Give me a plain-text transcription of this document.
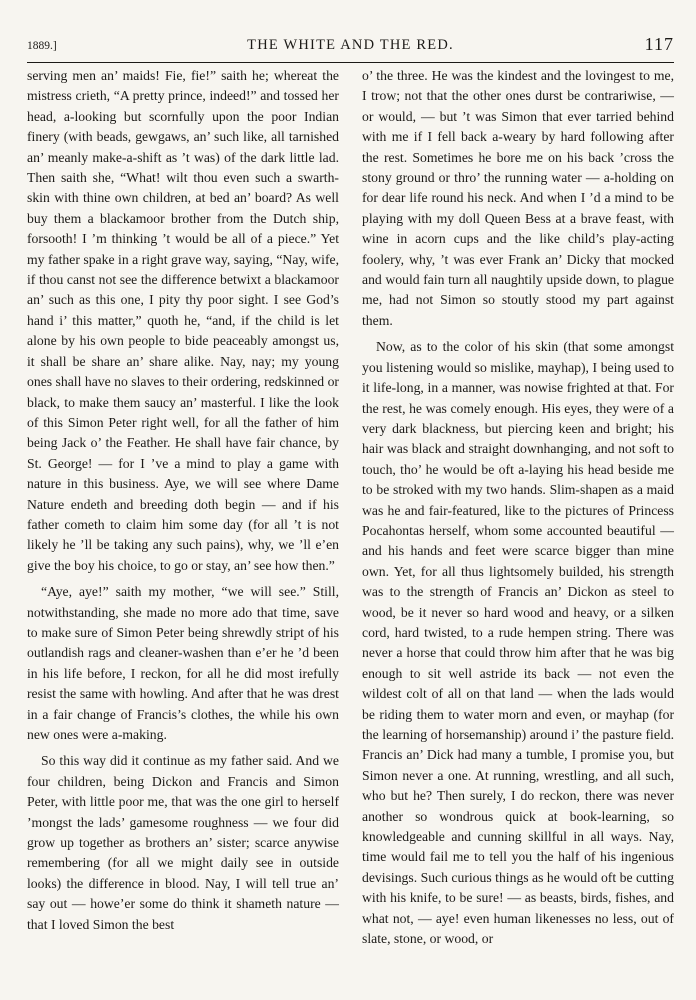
1889.]	THE WHITE AND THE RED.	117

serving men an’ maids! Fie, fie!” saith he; whereat the mistress crieth, “A pretty prince, indeed!” and tossed her head, a-looking but scornfully upon the poor Indian finery (with beads, gewgaws, an’ such like, all tarnished an’ meanly make-a-shift as ’t was) of the dark little lad. Then saith she, “What! wilt thou even such a swarth-skin with thine own children, at bed an’ board? As well buy them a blackamoor brother from the Dutch ship, forsooth! I ’m thinking ’t would be all of a piece.” Yet my father spake in a right grave way, saying, “Nay, wife, if thou canst not see the difference betwixt a blackamoor an’ such as this one, I pity thy poor sight. I see God’s hand i’ this matter,” quoth he, “and, if the child is let alone by his own people to bide peaceably amongst us, it shall be share an’ share alike. Nay, nay; my young ones shall have no slaves to their ordering, redskinned or black, to make them saucy an’ masterful. I like the look of this Simon Peter right well, for all the father of him being Jack o’ the Feather. He shall have fair chance, by St. George! — for I ’ve a mind to play a game with nature in this business. Aye, we will see where Dame Nature endeth and breeding doth begin — and if his father cometh to claim him some day (for all ’t is not likely he ’ll be taking any such pains), why, we ’ll e’en give the boy his choice, to go or stay, an’ see how then.”

“Aye, aye!” saith my mother, “we will see.” Still, notwithstanding, she made no more ado that time, save to make sure of Simon Peter being shrewdly stript of his outlandish rags and cleaner-washen than e’er he ’d been in his life before, I reckon, for all he did most irefully resist the same with howling. And after that he was drest in a fair change of Francis’s clothes, the while his own new ones were a-making.

So this way did it continue as my father said. And we four children, being Dickon and Francis and Simon Peter, with little poor me, that was the one girl to herself ’mongst the lads’ gamesome roughness — we four did grow up together as brothers an’ sister; scarce anywise remembering (for all we might daily see in outside looks) the difference in blood. Nay, I will tell true an’ say out — howe’er some do think it shameth nature — that I loved Simon the best

o’ the three. He was the kindest and the lovingest to me, I trow; not that the other ones durst be contrariwise, — or would, — but ’t was Simon that ever tarried behind with me if I fell back a-weary by hard following after the rest. Sometimes he bore me on his back ’cross the stony ground or thro’ the running water — a-holding on for dear life round his neck. And when I ’d a mind to be playing with my doll Queen Bess at a brave feast, with wine in acorn cups and the like child’s play-acting foolery, why, ’t was ever Frank an’ Dicky that mocked and would fain turn all naughtily upside down, to plague me, had not Simon so stoutly stood my part against them.

Now, as to the color of his skin (that some amongst you listening would so mislike, mayhap), I being used to it life-long, in a manner, was nowise frighted at that. For the rest, he was comely enough. His eyes, they were of a very dark blackness, but piercing keen and bright; his hair was black and straight downhanging, and not soft to touch, tho’ he would be oft a-laying his head beside me to be stroked with my two hands. Slim-shapen as a maid was he and fair-featured, like to the pictures of Princess Pocahontas herself, whom some accounted beautiful — and his hands and feet were scarce bigger than mine own. Yet, for all thus lightsomely builded, his strength was to the strength of Francis an’ Dickon as steel to wood, be it never so hard wood and heavy, or a silken cord, hard twisted, to a rude hempen string. There was never a horse that could throw him after that he was big enough to sit well astride its back — not even the wildest colt of all on that land — when the lads would be riding them to water morn and even, or mayhap (for the learning of horsemanship) around i’ the pasture field. Francis an’ Dick had many a tumble, I promise you, but Simon never a one. At running, wrestling, and all such, who but he? Then surely, I do reckon, there was never another so wondrous quick at book-learning, so knowledgeable and cunning skillful in all ways. Nay, time would fail me to tell you the half of his ingenious devisings. Such curious things as he would oft be cutting with his knife, to be sure! — as beasts, birds, fishes, and what not, — aye! even human likenesses no less, out of slate, stone, or wood, or
